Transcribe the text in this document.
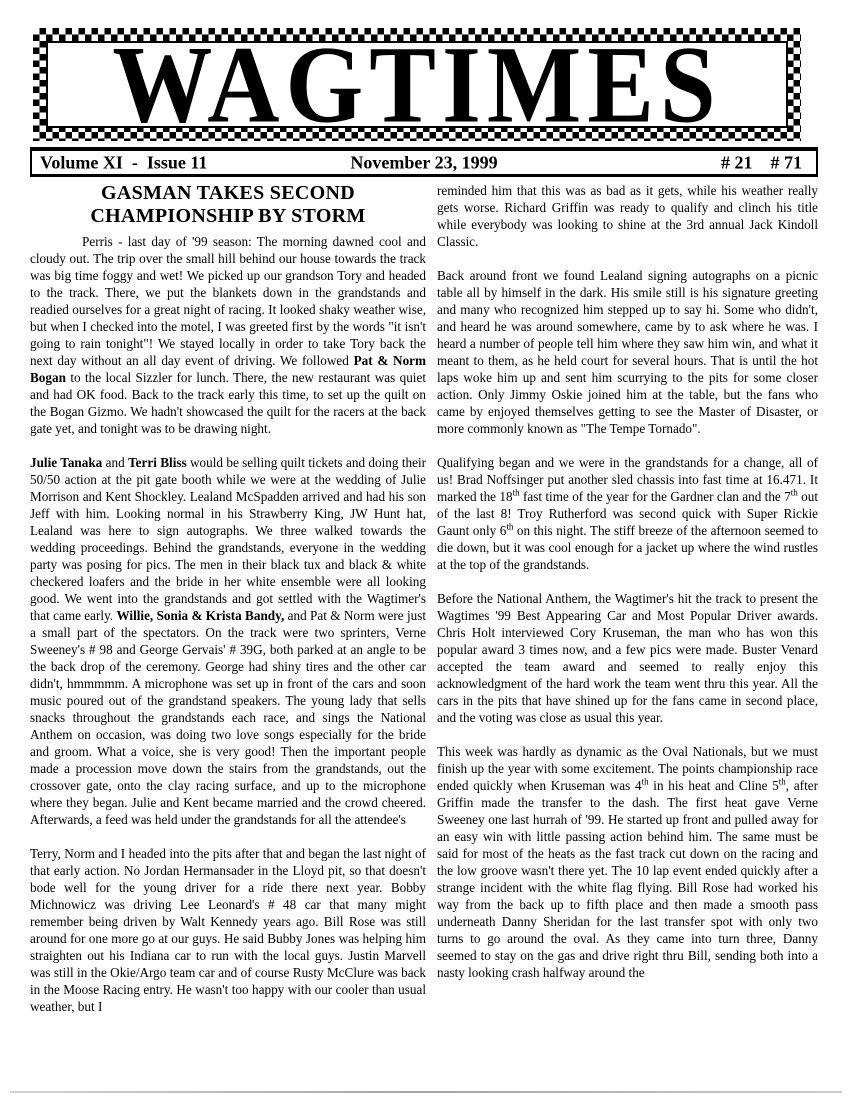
WAGTIMES
Volume XI  -  Issue 11	November 23, 1999	# 21 # 71
GASMAN TAKES SECOND
CHAMPIONSHIP BY STORM

Perris - last day of '99 season: The morning dawned cool and cloudy out. The trip over the small hill behind our house towards the track was big time foggy and wet! We picked up our grandson Tory and headed to the track. There, we put the blankets down in the grandstands and readied ourselves for a great night of racing. It looked shaky weather wise, but when I checked into the motel, I was greeted first by the words "it isn't going to rain tonight"! We stayed locally in order to take Tory back the next day without an all day event of driving. We followed Pat & Norm Bogan to the local Sizzler for lunch. There, the new restaurant was quiet and had OK food. Back to the track early this time, to set up the quilt on the Bogan Gizmo. We hadn't showcased the quilt for the racers at the back gate yet, and tonight was to be drawing night.

Julie Tanaka and Terri Bliss would be selling quilt tickets and doing their 50/50 action at the pit gate booth while we were at the wedding of Julie Morrison and Kent Shockley. Lealand McSpadden arrived and had his son Jeff with him. Looking normal in his Strawberry King, JW Hunt hat, Lealand was here to sign autographs. We three walked towards the wedding proceedings. Behind the grandstands, everyone in the wedding party was posing for pics. The men in their black tux and black & white checkered loafers and the bride in her white ensemble were all looking good. We went into the grandstands and got settled with the Wagtimer's that came early. Willie, Sonia & Krista Bandy, and Pat & Norm were just a small part of the spectators. On the track were two sprinters, Verne Sweeney's # 98 and George Gervais' # 39G, both parked at an angle to be the back drop of the ceremony. George had shiny tires and the other car didn't, hmmmmm. A microphone was set up in front of the cars and soon music poured out of the grandstand speakers. The young lady that sells snacks throughout the grandstands each race, and sings the National Anthem on occasion, was doing two love songs especially for the bride and groom. What a voice, she is very good! Then the important people made a procession move down the stairs from the grandstands, out the crossover gate, onto the clay racing surface, and up to the microphone where they began. Julie and Kent became married and the crowd cheered. Afterwards, a feed was held under the grandstands for all the attendee's

Terry, Norm and I headed into the pits after that and began the last night of that early action. No Jordan Hermansader in the Lloyd pit, so that doesn't bode well for the young driver for a ride there next year. Bobby Michnowicz was driving Lee Leonard's # 48 car that many might remember being driven by Walt Kennedy years ago. Bill Rose was still around for one more go at our guys. He said Bubby Jones was helping him straighten out his Indiana car to run with the local guys. Justin Marvell was still in the Okie/Argo team car and of course Rusty McClure was back in the Moose Racing entry. He wasn't too happy with our cooler than usual weather, but I

reminded him that this was as bad as it gets, while his weather really gets worse. Richard Griffin was ready to qualify and clinch his title while everybody was looking to shine at the 3rd annual Jack Kindoll Classic.

Back around front we found Lealand signing autographs on a picnic table all by himself in the dark. His smile still is his signature greeting and many who recognized him stepped up to say hi. Some who didn't, and heard he was around somewhere, came by to ask where he was. I heard a number of people tell him where they saw him win, and what it meant to them, as he held court for several hours. That is until the hot laps woke him up and sent him scurrying to the pits for some closer action. Only Jimmy Oskie joined him at the table, but the fans who came by enjoyed themselves getting to see the Master of Disaster, or more commonly known as "The Tempe Tornado".

Qualifying began and we were in the grandstands for a change, all of us! Brad Noffsinger put another sled chassis into fast time at 16.471. It marked the 18th fast time of the year for the Gardner clan and the 7th out of the last 8! Troy Rutherford was second quick with Super Rickie Gaunt only 6th on this night. The stiff breeze of the afternoon seemed to die down, but it was cool enough for a jacket up where the wind rustles at the top of the grandstands.

Before the National Anthem, the Wagtimer's hit the track to present the Wagtimes '99 Best Appearing Car and Most Popular Driver awards. Chris Holt interviewed Cory Kruseman, the man who has won this popular award 3 times now, and a few pics were made. Buster Venard accepted the team award and seemed to really enjoy this acknowledgment of the hard work the team went thru this year. All the cars in the pits that have shined up for the fans came in second place, and the voting was close as usual this year.

This week was hardly as dynamic as the Oval Nationals, but we must finish up the year with some excitement. The points championship race ended quickly when Kruseman was 4th in his heat and Cline 5th, after Griffin made the transfer to the dash. The first heat gave Verne Sweeney one last hurrah of '99. He started up front and pulled away for an easy win with little passing action behind him. The same must be said for most of the heats as the fast track cut down on the racing and the low groove wasn't there yet. The 10 lap event ended quickly after a strange incident with the white flag flying. Bill Rose had worked his way from the back up to fifth place and then made a smooth pass underneath Danny Sheridan for the last transfer spot with only two turns to go around the oval. As they came into turn three, Danny seemed to stay on the gas and drive right thru Bill, sending both into a nasty looking crash halfway around the
